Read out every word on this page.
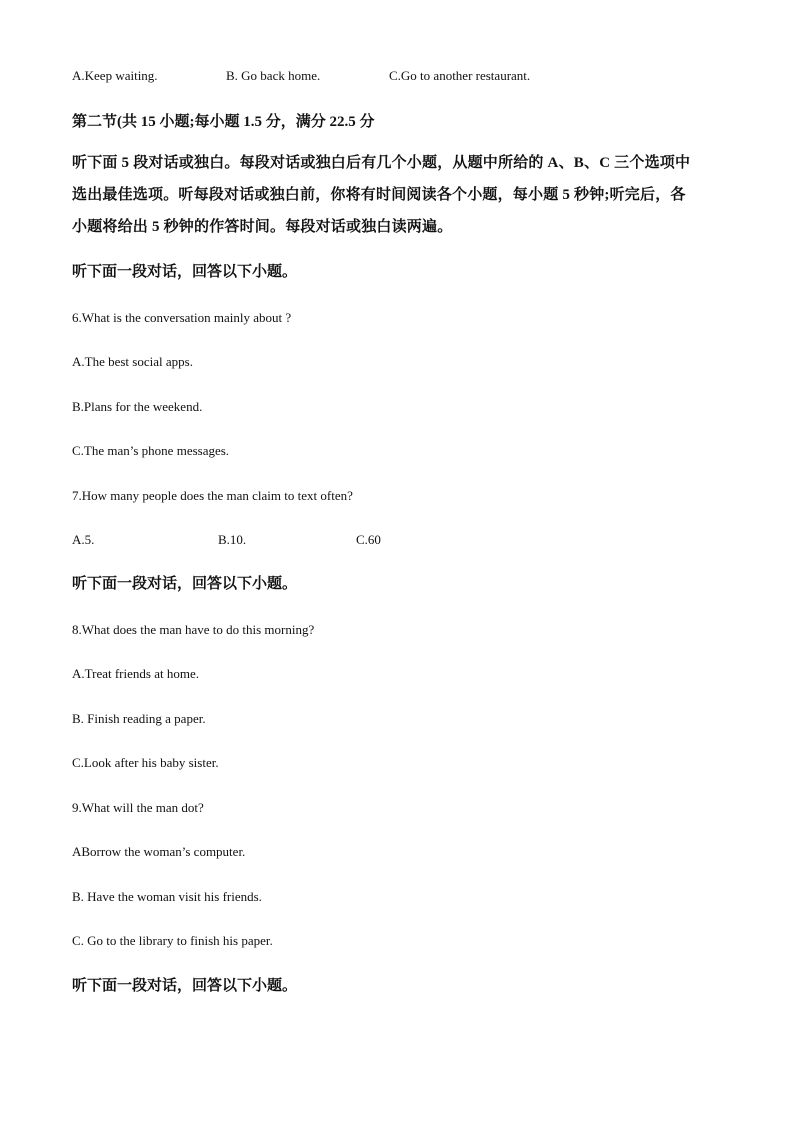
A.Keep waiting.	B. Go back home.	C.Go to another restaurant.
第二节(共 15 小题;每小题 1.5 分，满分 22.5 分
听下面 5 段对话或独白。每段对话或独白后有几个小题，从题中所给的 A、B、C 三个选项中
选出最佳选项。听每段对话或独白前，你将有时间阅读各个小题，每小题 5 秒钟;听完后，各
小题将给出 5 秒钟的作答时间。每段对话或独白读两遍。
听下面一段对话，回答以下小题。
6.What is the conversation mainly about ?
A.The best social apps.
B.Plans for the weekend.
C.The man’s phone messages.
7.How many people does the man claim to text often?
A.5.	B.10.	C.60
听下面一段对话，回答以下小题。
8.What does the man have to do this morning?
A.Treat friends at home.
B. Finish reading a paper.
C.Look after his baby sister.
9.What will the man dot?
ABorrow the woman’s computer.
B. Have the woman visit his friends.
C. Go to the library to finish his paper.
听下面一段对话，回答以下小题。
